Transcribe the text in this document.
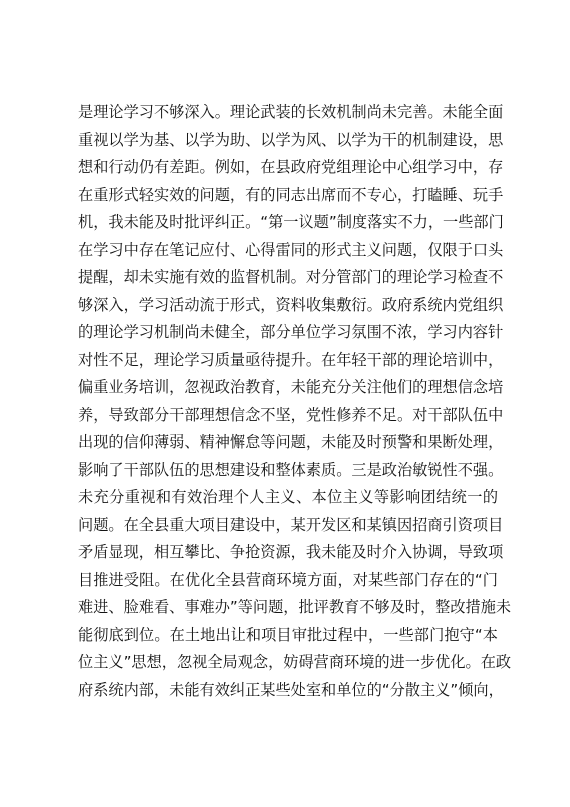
是理论学习不够深入。理论武装的长效机制尚未完善。未能全面
重视以学为基、以学为助、以学为风、以学为干的机制建设，思
想和行动仍有差距。例如，在县政府党组理论中心组学习中，存
在重形式轻实效的问题，有的同志出席而不专心，打瞌睡、玩手
机，我未能及时批评纠正。“第一议题”制度落实不力，一些部门
在学习中存在笔记应付、心得雷同的形式主义问题，仅限于口头
提醒，却未实施有效的监督机制。对分管部门的理论学习检查不
够深入，学习活动流于形式，资料收集敷衍。政府系统内党组织
的理论学习机制尚未健全，部分单位学习氛围不浓，学习内容针
对性不足，理论学习质量亟待提升。在年轻干部的理论培训中，
偏重业务培训，忽视政治教育，未能充分关注他们的理想信念培
养，导致部分干部理想信念不坚，党性修养不足。对干部队伍中
出现的信仰薄弱、精神懈怠等问题，未能及时预警和果断处理，
影响了干部队伍的思想建设和整体素质。三是政治敏锐性不强。
未充分重视和有效治理个人主义、本位主义等影响团结统一的
问题。在全县重大项目建设中，某开发区和某镇因招商引资项目
矛盾显现，相互攀比、争抢资源，我未能及时介入协调，导致项
目推进受阻。在优化全县营商环境方面，对某些部门存在的“门
难进、脸难看、事难办”等问题，批评教育不够及时，整改措施未
能彻底到位。在土地出让和项目审批过程中，一些部门抱守“本
位主义”思想，忽视全局观念，妨碍营商环境的进一步优化。在政
府系统内部，未能有效纠正某些处室和单位的“分散主义”倾向，
